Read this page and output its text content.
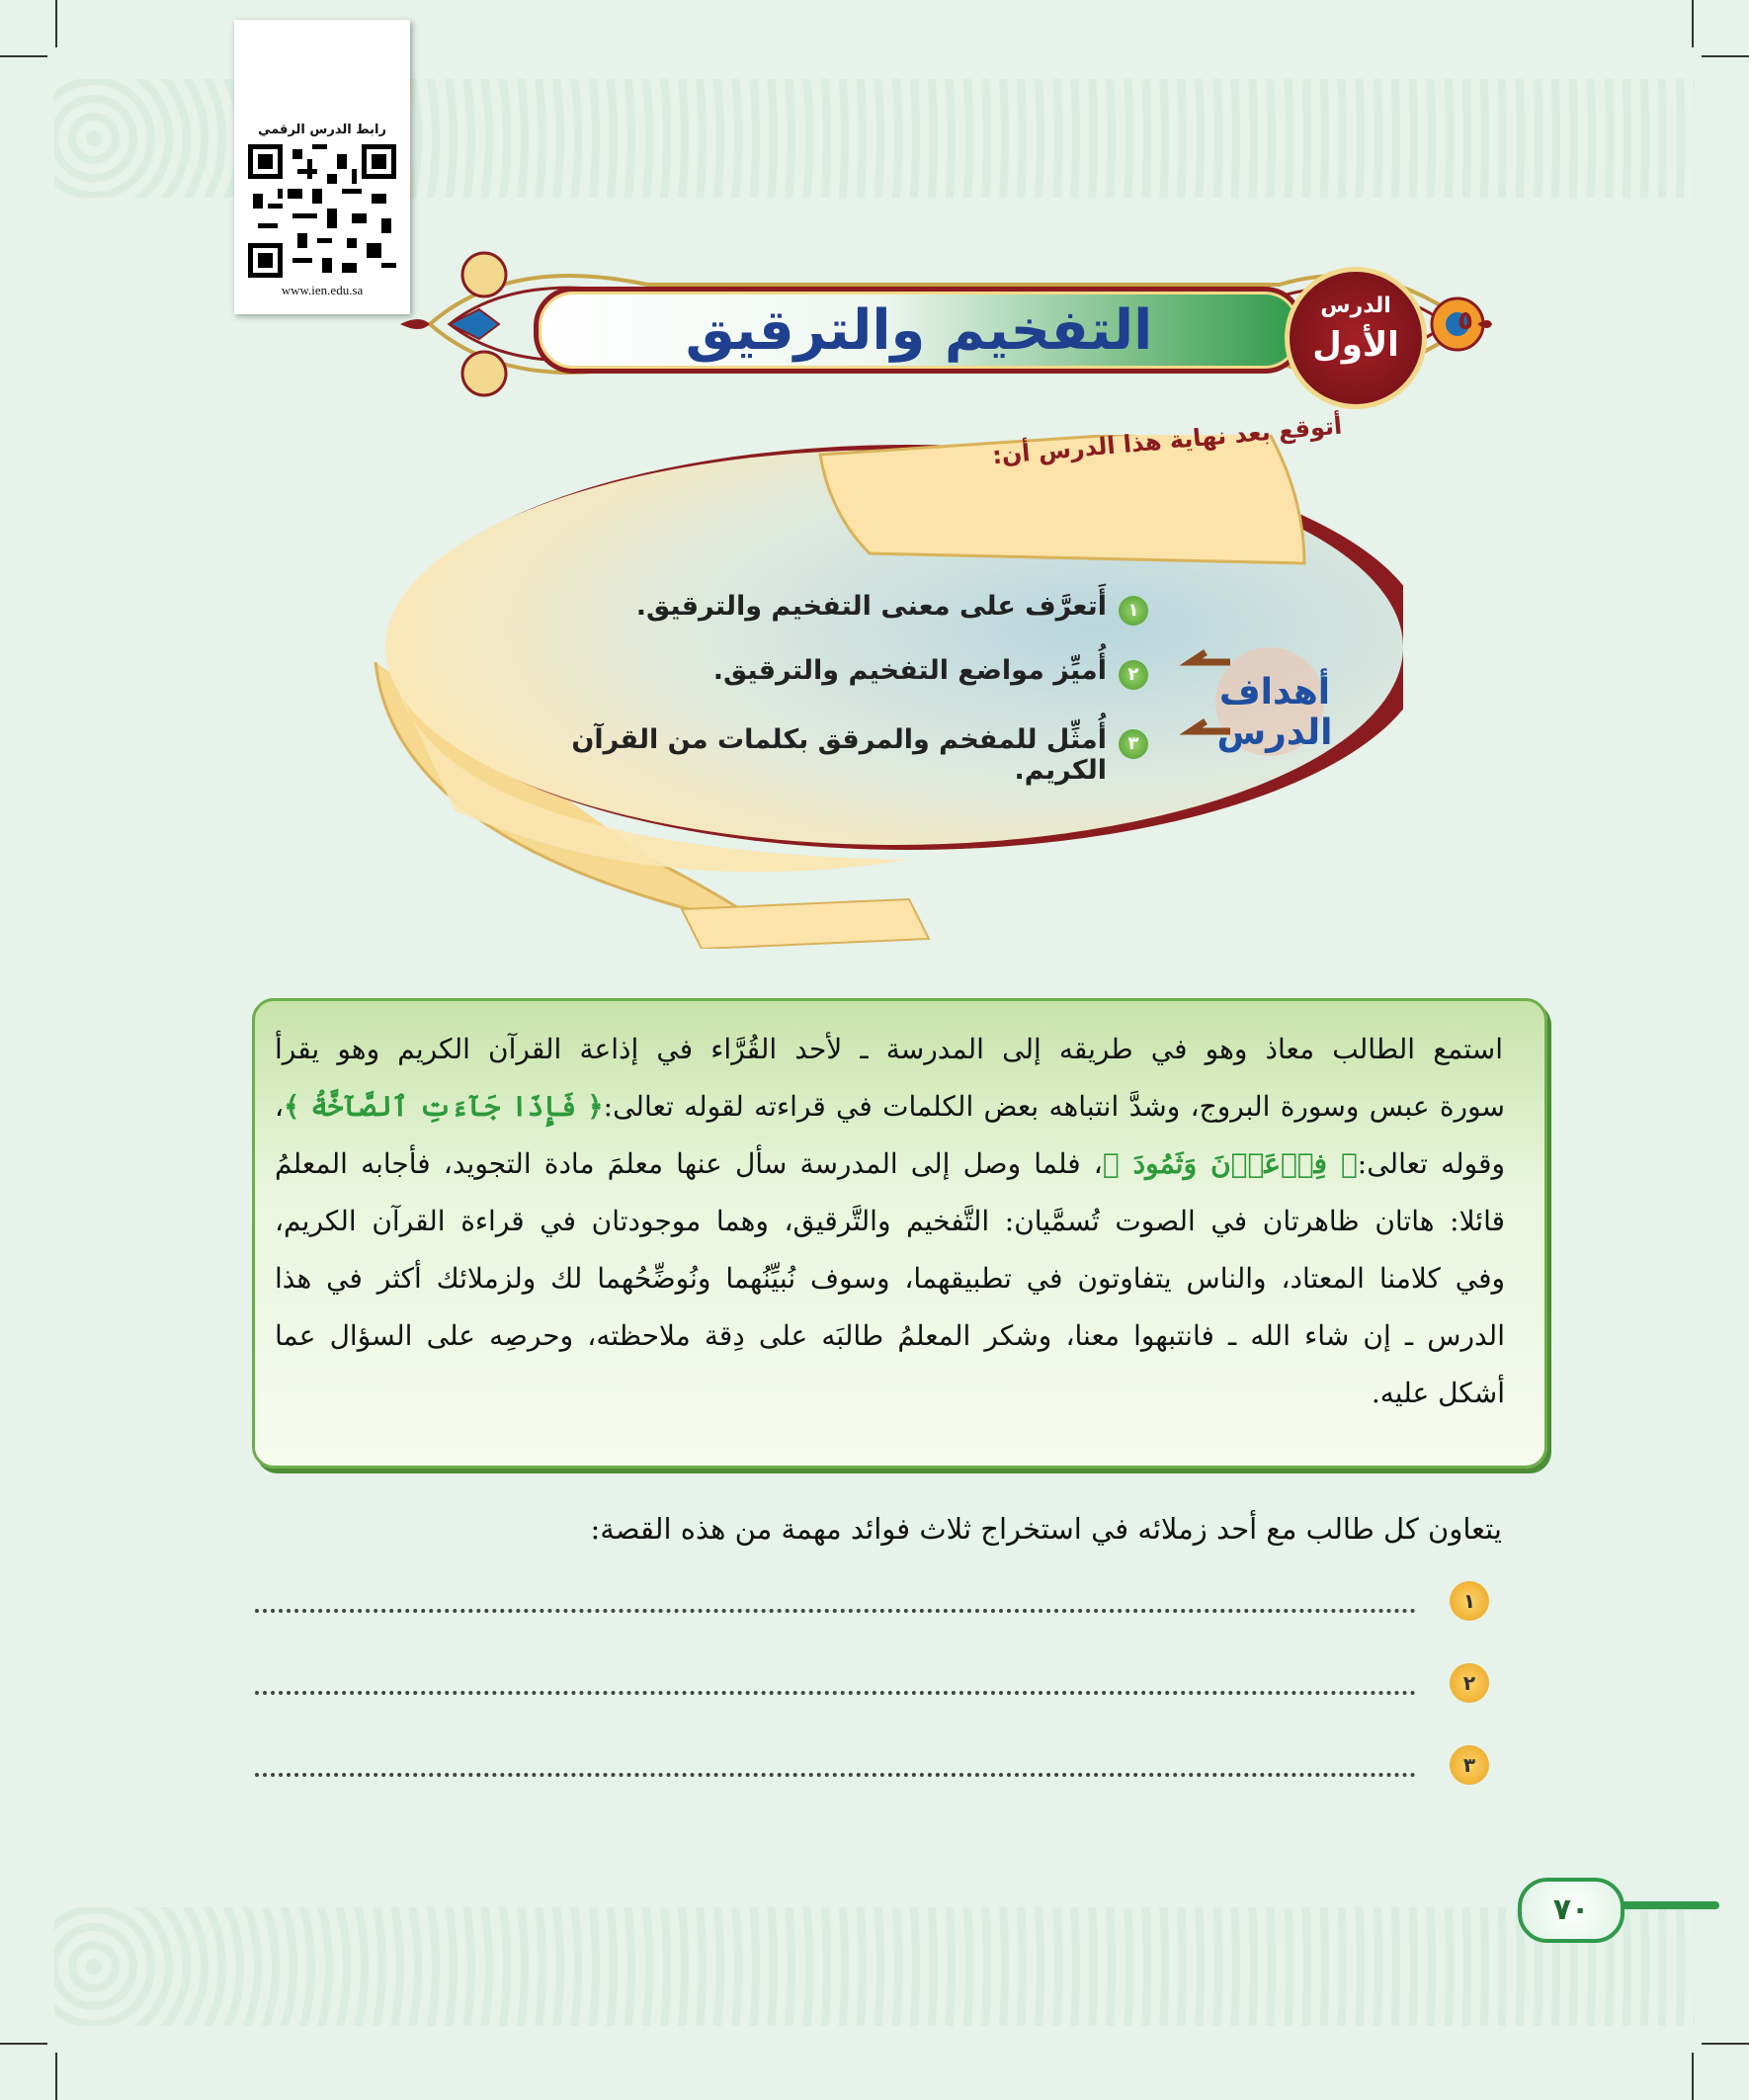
رابط الدرس الرقمي
www.ien.edu.sa
التفخيم والترقيق	الدرس
الأول
٥
أتوقع بعد نهاية هذا الدرس أن:
أهداف الدرس
١
أَتعرَّف على معنى التفخيم والترقيق.
٢
أُميِّز مواضع التفخيم والترقيق.
٣
أُمثِّل للمفخم والمرقق بكلمات من القرآن الكريم.
استمع الطالب معاذ وهو في طريقه إلى المدرسة ـ لأحد القُرَّاء في إذاعة القرآن الكريم وهو يقرأ
سورة عبس وسورة البروج، وشدَّ انتباهه بعض الكلمات في قراءته لقوله تعالى:﴿ فَإِذَا جَآءَتِ ٱلصَّآخَّةُ ﴾،
وقوله تعالى:﴿ فِرۡعَوۡنَ وَثَمُودَ ﴾، فلما وصل إلى المدرسة سأل عنها معلمَ مادة التجويد، فأجابه المعلمُ
قائلا: هاتان ظاهرتان في الصوت تُسمَّيان: التَّفخيم والتَّرقيق، وهما موجودتان في قراءة القرآن الكريم،
وفي كلامنا المعتاد، والناس يتفاوتون في تطبيقهما، وسوف نُبيِّنُهما ونُوضِّحُهما لك ولزملائك أكثر في هذا
الدرس ـ إن شاء الله ـ فانتبهوا معنا، وشكر المعلمُ طالبَه على دِقة ملاحظته، وحرصِه على السؤال عما
أشكل عليه.
يتعاون كل طالب مع أحد زملائه في استخراج ثلاث فوائد مهمة من هذه القصة:
١
٢
٣
٧٠
